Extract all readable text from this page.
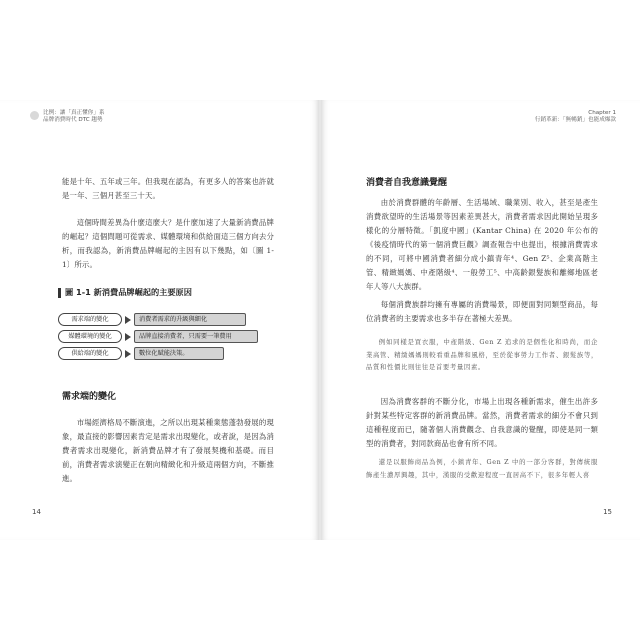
比例：讓「真正懂你」系
品牌消費時代 DTC 趨勢

能是十年、五年或三年。但我現在認為，有更多人的答案也許就是一年、三個月甚至三十天。

這個時間差異為什麼這麼大？是什麼加速了大量新消費品牌的崛起？這個問題可從需求、媒體環境和供給面這三個方向去分析，而我認為，新消費品牌崛起的主因有以下幾點，如〔圖 1-1〕所示。

圖 1-1 新消費品牌崛起的主要原因
需求端的變化	消費者需求的升級與細化
媒體環境的變化	品牌直接消費者，只需要一筆費用
供給端的變化	數位化賦能決策。
需求端的變化

市場經濟格局不斷演進，之所以出現某種業態蓬勃發展的現象，最直接的影響因素肯定是需求出現變化，或者說，是因為消費者需求出現變化，新消費品牌才有了發展契機和基礎。而目前，消費者需求演變正在朝向精緻化和升級這兩個方向，不斷推進。

14
Chapter 1
行銷革新：「無暢銷」也能成爆款
消費者自我意識覺醒

由於消費群體的年齡層、生活場域、職業別、收入，甚至是產生消費欲望時的生活場景等因素差異甚大，消費者需求因此開始呈現多樣化的分層特徵。「凱度中國」(Kantar China) 在 2020 年公布的《後疫情時代的第一個消費巨觀》調查報告中也提出，根據消費需求的不同，可將中國消費者細分成小鎮青年⁴、Gen Z⁵、企業高階主管、精緻媽媽、中產階級⁴、一般勞工⁵、中高齡銀髮族和離鄉地區老年人等八大族群。

每個消費族群均擁有專屬的消費場景，即便面對同類型商品，每位消費者的主要需求也多半存在著極大差異。

例如同樣是買衣服，中產階級、Gen Z 追求的是個性化和時尚，而企業高管、精緻媽媽則較看重品牌和風格，至於從事勞力工作者、銀髮族等，品質和性價比則往往是首要考量因素。

因為消費客群的不斷分化，市場上出現各種新需求，催生出許多針對某些特定客群的新消費品牌。當然，消費者需求的細分不會只到這種程度而已，隨著個人消費觀念、自我意識的覺醒，即使是同一類型的消費者，對同款商品也會有所不同。

還是以服飾商品為例，小鎮青年、Gen Z 中的一部分客群，對傳統服飾產生濃厚興趣，其中，漢服的受歡迎程度一直居高不下，很多年輕人喜

15
